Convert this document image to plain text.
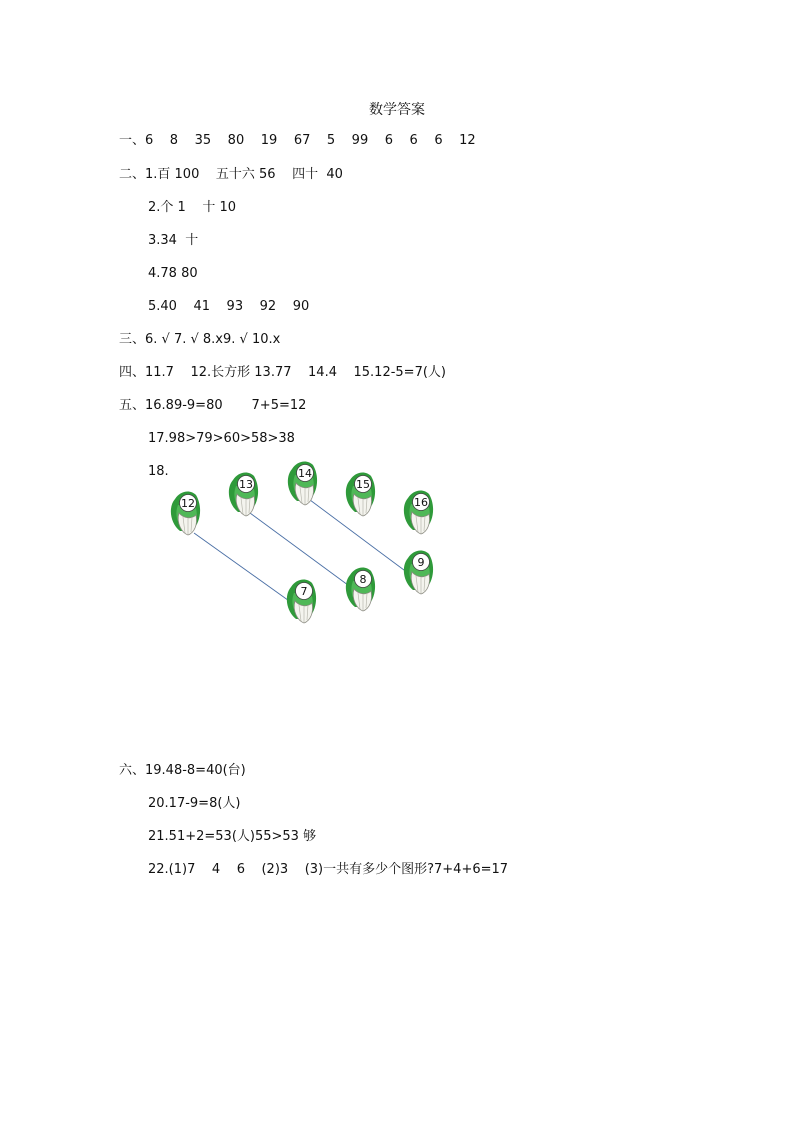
数学答案
一、6    8    35    80    19    67    5    99    6    6    6    12
二、1.百 100    五十六 56    四十  40
2.个 1    十 10
3.34  十
4.78 80
5.40    41    93    92    90
三、6. √ 7. √ 8.x9. √ 10.x
四、11.7    12.长方形 13.77    14.4    15.12-5=7(人)
五、16.89-9=80       7+5=12
17.98>79>60>58>38
18.
12
13
14
15
16
7
8
9
六、19.48-8=40(台)
20.17-9=8(人)
21.51+2=53(人)55>53 够
22.(1)7    4    6    (2)3    (3)一共有多少个图形?7+4+6=17
